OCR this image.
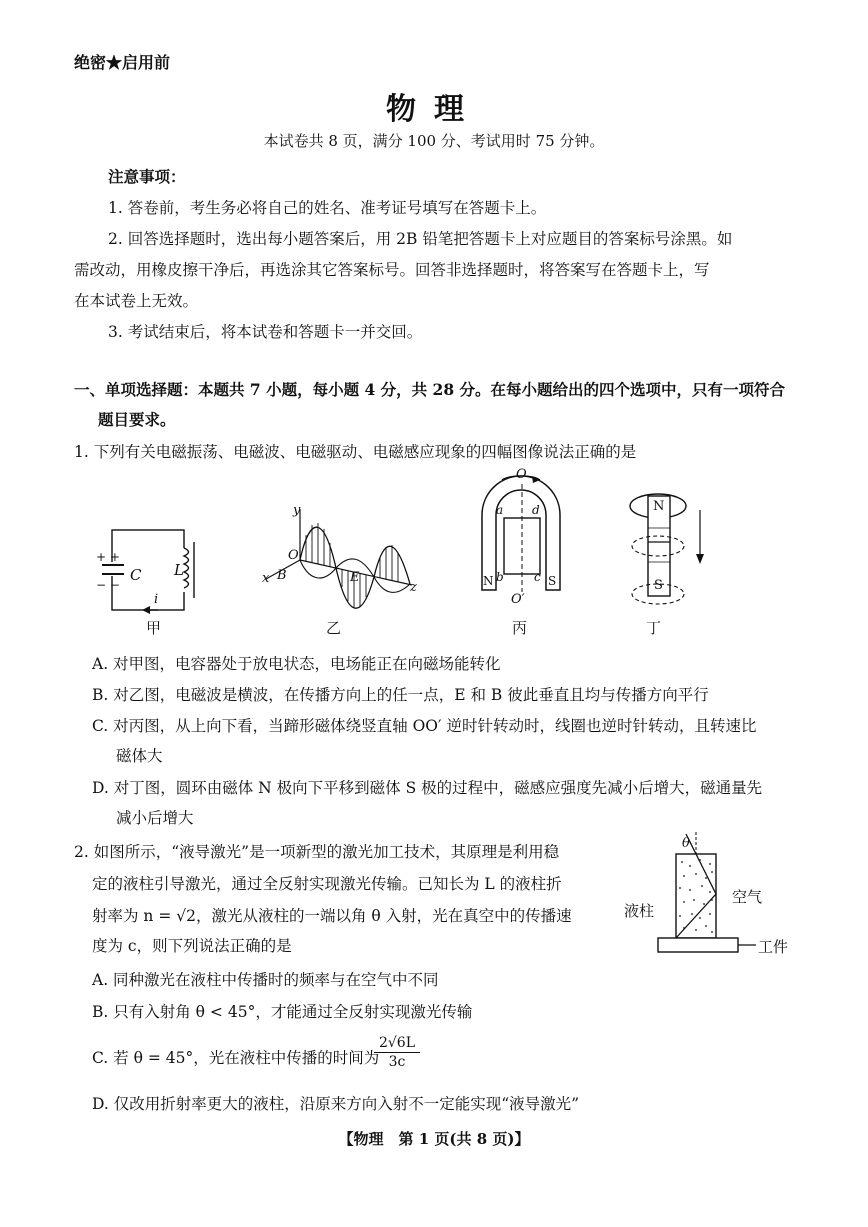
绝密★启用前
物理
本试卷共 8 页，满分 100 分、考试用时 75 分钟。
注意事项：
1. 答卷前，考生务必将自己的姓名、准考证号填写在答题卡上。
2. 回答选择题时，选出每小题答案后，用 2B 铅笔把答题卡上对应题目的答案标号涂黑。如
需改动，用橡皮擦干净后，再选涂其它答案标号。回答非选择题时，将答案写在答题卡上，写
在本试卷上无效。
3. 考试结束后，将本试卷和答题卡一并交回。
一、单项选择题：本题共 7 小题，每小题 4 分，共 28 分。在每小题给出的四个选项中，只有一项符合
题目要求。
1. 下列有关电磁振荡、电磁波、电磁驱动、电磁感应现象的四幅图像说法正确的是
+ +
− −
C L
i
y
O
x B	E
z
O
O′
a
b	c
d
N	S
N
S
甲	乙	丙	丁
A. 对甲图，电容器处于放电状态，电场能正在向磁场能转化
B. 对乙图，电磁波是横波，在传播方向上的任一点，E 和 B 彼此垂直且均与传播方向平行
C. 对丙图，从上向下看，当蹄形磁体绕竖直轴 OO′ 逆时针转动时，线圈也逆时针转动，且转速比
磁体大
D. 对丁图，圆环由磁体 N 极向下平移到磁体 S 极的过程中，磁感应强度先减小后增大，磁通量先
减小后增大
2. 如图所示，“液导激光”是一项新型的激光加工技术，其原理是利用稳
定的液柱引导激光，通过全反射实现激光传输。已知长为 L 的液柱折
射率为 n = √2，激光从液柱的一端以角 θ 入射，光在真空中的传播速
度为 c，则下列说法正确的是
θ
空气
液柱
工件
A. 同种激光在液柱中传播时的频率与在空气中不同
B. 只有入射角 θ < 45°，才能通过全反射实现激光传输
C. 若 θ = 45°，光在液柱中传播的时间为
$\frac{2√6L}{3c}$
D. 仅改用折射率更大的液柱，沿原来方向入射不一定能实现“液导激光”
【物理　第 1 页(共 8 页)】
